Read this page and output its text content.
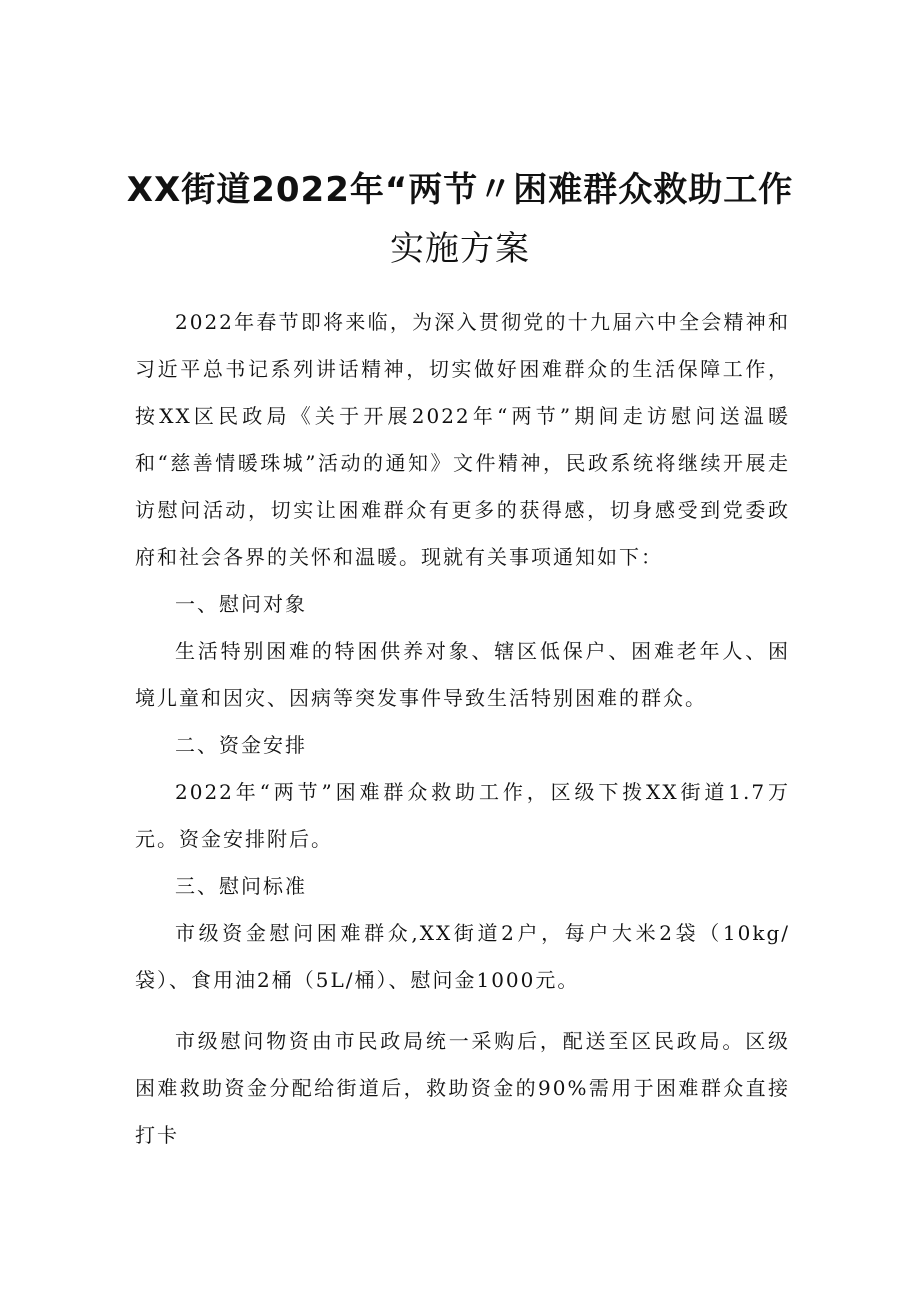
XX街道2022年“两节〃困难群众救助工作
实施方案

2022年春节即将来临，为深入贯彻党的十九届六中全会精神和习近平总书记系列讲话精神，切实做好困难群众的生活保障工作，按XX区民政局《关于开展2022年“两节”期间走访慰问送温暖和“慈善情暖珠城”活动的通知》文件精神，民政系统将继续开展走访慰问活动，切实让困难群众有更多的获得感，切身感受到党委政府和社会各界的关怀和温暖。现就有关事项通知如下：

一、慰问对象

生活特别困难的特困供养对象、辖区低保户、困难老年人、困境儿童和因灾、因病等突发事件导致生活特别困难的群众。

二、资金安排

2022年“两节”困难群众救助工作，区级下拨XX街道1.7万元。资金安排附后。

三、慰问标准

市级资金慰问困难群众,XX街道2户，每户大米2袋（10kg/袋）、食用油2桶（5L/桶）、慰问金1000元。

市级慰问物资由市民政局统一采购后，配送至区民政局。区级困难救助资金分配给街道后，救助资金的90%需用于困难群众直接打卡
